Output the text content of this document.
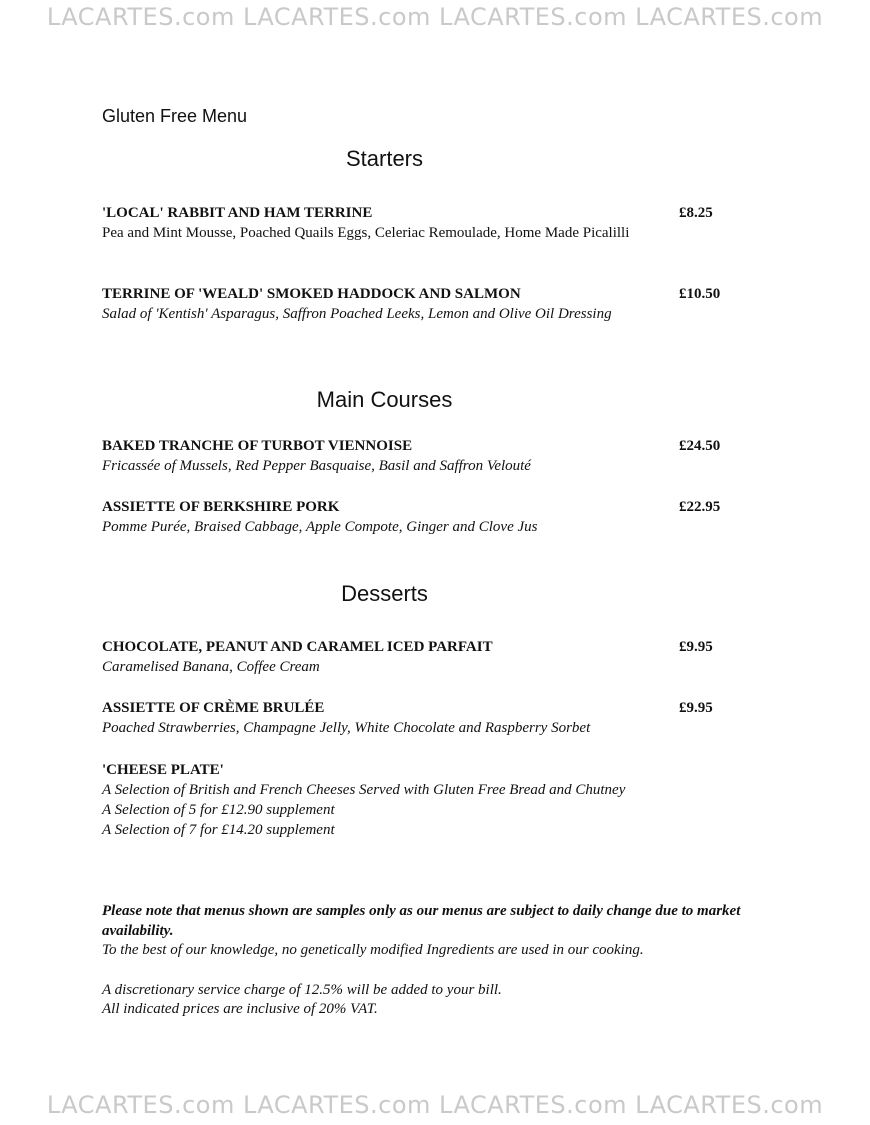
LACARTES.com LACARTES.com LACARTES.com LACARTES.com
Gluten Free Menu
Starters
'LOCAL' RABBIT AND HAM TERRINE	£8.25
Pea and Mint Mousse, Poached Quails Eggs, Celeriac Remoulade, Home Made Picalilli
TERRINE OF 'WEALD' SMOKED HADDOCK AND SALMON	£10.50
Salad of 'Kentish' Asparagus, Saffron Poached Leeks, Lemon and Olive Oil Dressing
Main Courses
BAKED TRANCHE OF TURBOT VIENNOISE	£24.50
Fricassée of Mussels, Red Pepper Basquaise, Basil and Saffron Velouté
ASSIETTE OF BERKSHIRE PORK	£22.95
Pomme Purée, Braised Cabbage, Apple Compote, Ginger and Clove Jus
Desserts
CHOCOLATE, PEANUT AND CARAMEL ICED PARFAIT	£9.95
Caramelised Banana, Coffee Cream
ASSIETTE OF CRÈME BRULÉE	£9.95
Poached Strawberries, Champagne Jelly, White Chocolate and Raspberry Sorbet
'CHEESE PLATE'
A Selection of British and French Cheeses Served with Gluten Free Bread and Chutney
A Selection of 5 for £12.90 supplement
A Selection of 7 for £14.20 supplement
Please note that menus shown are samples only as our menus are subject to daily change due to market availability.
To the best of our knowledge, no genetically modified Ingredients are used in our cooking.
A discretionary service charge of 12.5% will be added to your bill.
All indicated prices are inclusive of 20% VAT.
LACARTES.com LACARTES.com LACARTES.com LACARTES.com
